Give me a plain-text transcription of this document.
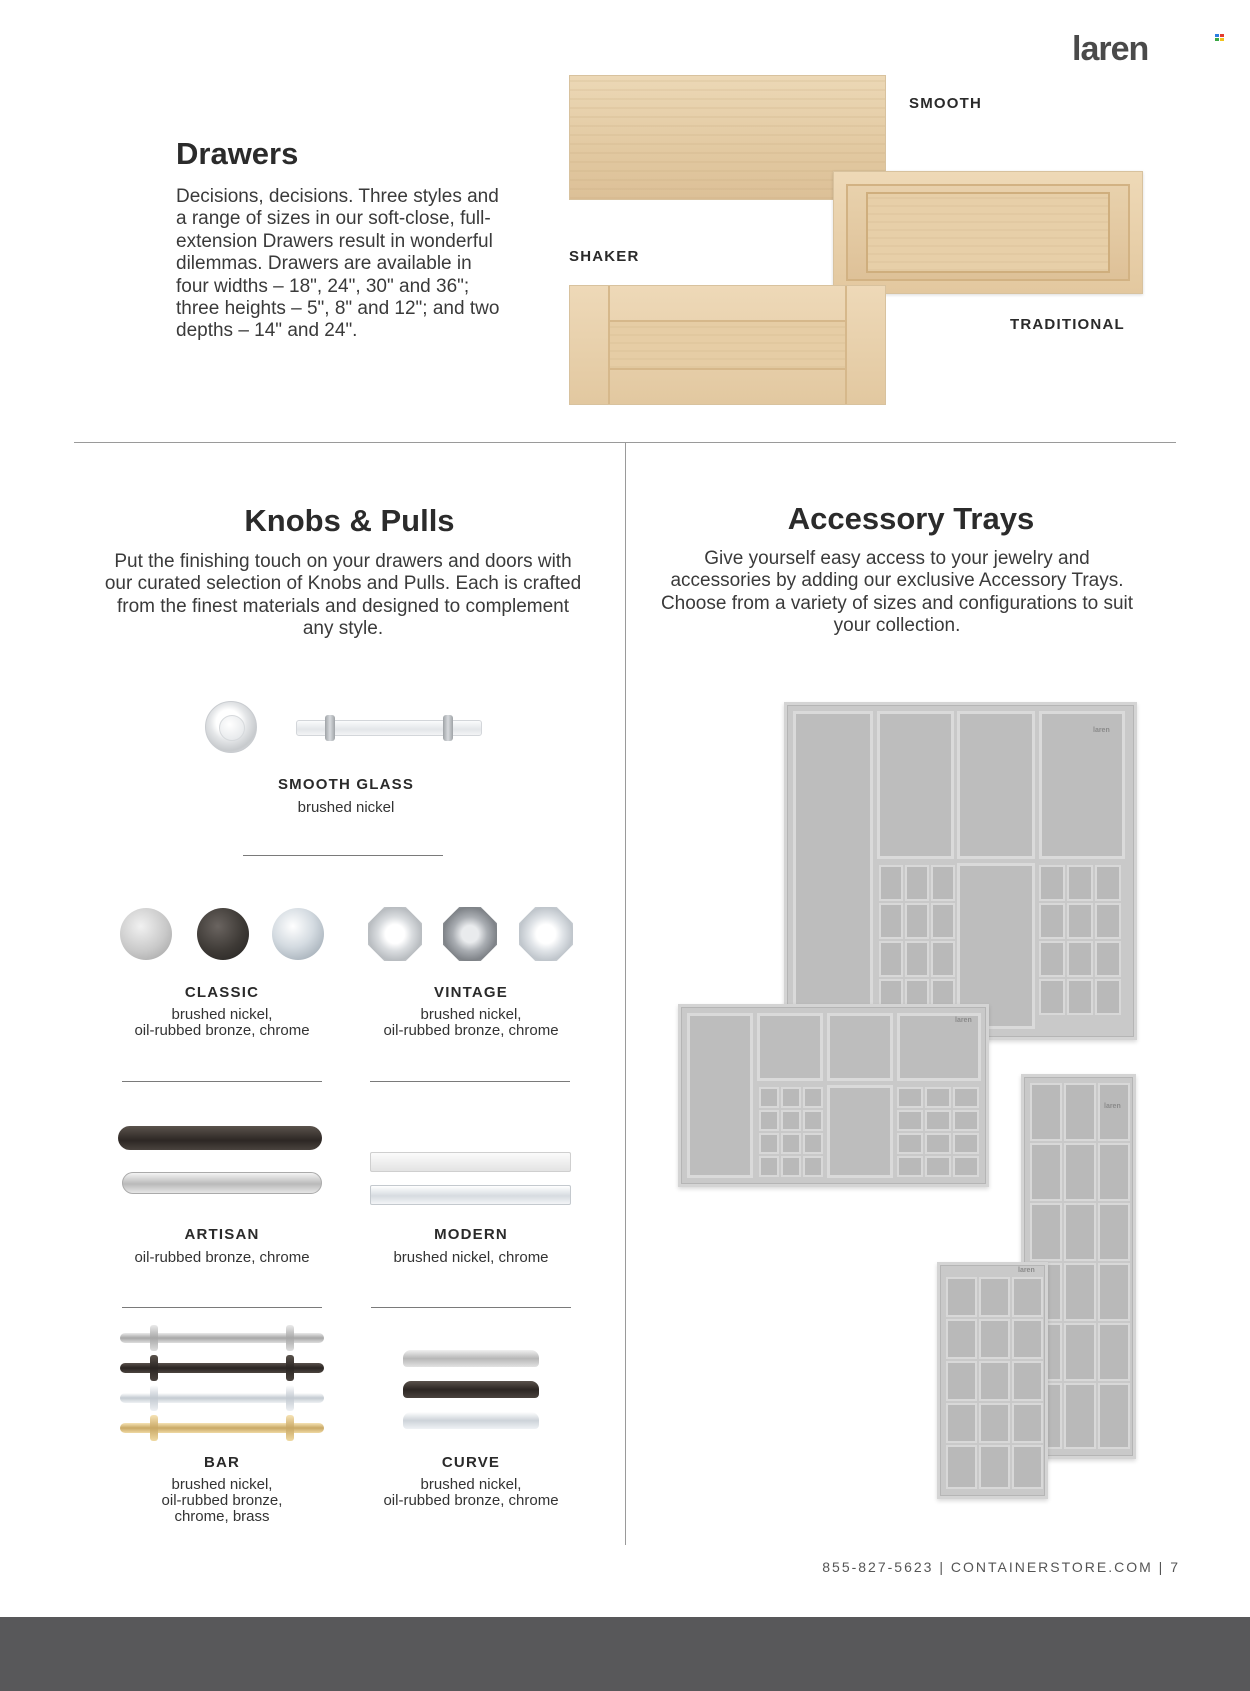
laren
Drawers

Decisions, decisions. Three styles and a range of sizes in our soft-close, full-extension Drawers result in wonderful dilemmas. Drawers are available in four widths – 18", 24", 30" and 36"; three heights – 5", 8" and 12"; and two depths – 14" and 24".

SMOOTH
SHAKER
TRADITIONAL
Knobs & Pulls

Put the finishing touch on your drawers and doors with our curated selection of Knobs and Pulls. Each is crafted from the finest materials and designed to complement any style.

SMOOTH GLASS
brushed nickel
CLASSIC
brushed nickel,
oil-rubbed bronze, chrome
VINTAGE
brushed nickel,
oil-rubbed bronze, chrome
ARTISAN
oil-rubbed bronze, chrome
MODERN
brushed nickel, chrome
BAR
brushed nickel,
oil-rubbed bronze,
chrome, brass
CURVE
brushed nickel,
oil-rubbed bronze, chrome
Accessory Trays

Give yourself easy access to your jewelry and accessories by adding our exclusive Accessory Trays. Choose from a variety of sizes and configurations to suit your collection.

laren
laren
laren
laren
855-827-5623 | CONTAINERSTORE.COM | 7
